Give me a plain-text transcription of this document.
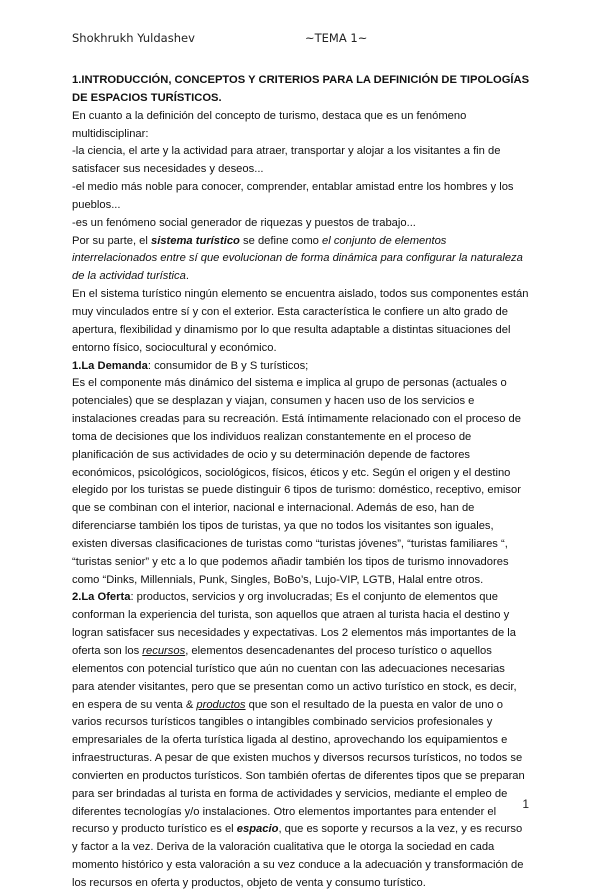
Shokhrukh Yuldashev	~TEMA 1~

1.INTRODUCCIÓN, CONCEPTOS Y CRITERIOS PARA LA DEFINICIÓN DE TIPOLOGÍAS DE ESPACIOS TURÍSTICOS.

En cuanto a la definición del concepto de turismo, destaca que es un fenómeno multidisciplinar:

-la ciencia, el arte y la actividad para atraer, transportar y alojar a los visitantes a fin de satisfacer sus necesidades y deseos...

-el medio más noble para conocer, comprender, entablar amistad entre los hombres y los pueblos...

-es un fenómeno social generador de riquezas y puestos de trabajo...

Por su parte, el sistema turístico se define como el conjunto de elementos interrelacionados entre sí que evolucionan de forma dinámica para configurar la naturaleza de la actividad turística.

En el sistema turístico ningún elemento se encuentra aislado, todos sus componentes están muy vinculados entre sí y con el exterior. Esta característica le confiere un alto grado de apertura, flexibilidad y dinamismo por lo que resulta adaptable a distintas situaciones del entorno físico, sociocultural y económico.

1.La Demanda: consumidor de B y S turísticos;

Es el componente más dinámico del sistema e implica al grupo de personas (actuales o potenciales) que se desplazan y viajan, consumen y hacen uso de los servicios e instalaciones creadas para su recreación. Está íntimamente relacionado con el proceso de toma de decisiones que los individuos realizan constantemente en el proceso de planificación de sus actividades de ocio y su determinación depende de factores económicos, psicológicos, sociológicos, físicos, éticos y etc. Según el origen y el destino elegido por los turistas se puede distinguir 6 tipos de turismo: doméstico, receptivo, emisor que se combinan con el interior, nacional e internacional. Además de eso, han de diferenciarse también los tipos de turistas, ya que no todos los visitantes son iguales, existen diversas clasificaciones de turistas como “turistas jóvenes”, “turistas familiares “, “turistas senior” y etc a lo que podemos añadir también los tipos de turismo innovadores como “Dinks, Millennials, Punk, Singles, BoBo’s, Lujo-VIP, LGTB, Halal entre otros.

2.La Oferta: productos, servicios y org involucradas; Es el conjunto de elementos que conforman la experiencia del turista, son aquellos que atraen al turista hacia el destino y logran satisfacer sus necesidades y expectativas. Los 2 elementos más importantes de la oferta son los recursos, elementos desencadenantes del proceso turístico o aquellos elementos con potencial turístico que aún no cuentan con las adecuaciones necesarias para atender visitantes, pero que se presentan como un activo turístico en stock, es decir, en espera de su venta & productos que son el resultado de la puesta en valor de uno o varios recursos turísticos tangibles o intangibles combinado servicios profesionales y empresariales de la oferta turística ligada al destino, aprovechando los equipamientos e infraestructuras. A pesar de que existen muchos y diversos recursos turísticos, no todos se convierten en productos turísticos. Son también ofertas de diferentes tipos que se preparan para ser brindadas al turista en forma de actividades y servicios, mediante el empleo de diferentes tecnologías y/o instalaciones. Otro elementos importantes para entender el recurso y producto turístico es el espacio, que es soporte y recursos a la vez, y es recurso y factor a la vez. Deriva de la valoración cualitativa que le otorga la sociedad en cada momento histórico y esta valoración a su vez conduce a la adecuación y transformación de los recursos en oferta y productos, objeto de venta y consumo turístico.

1
